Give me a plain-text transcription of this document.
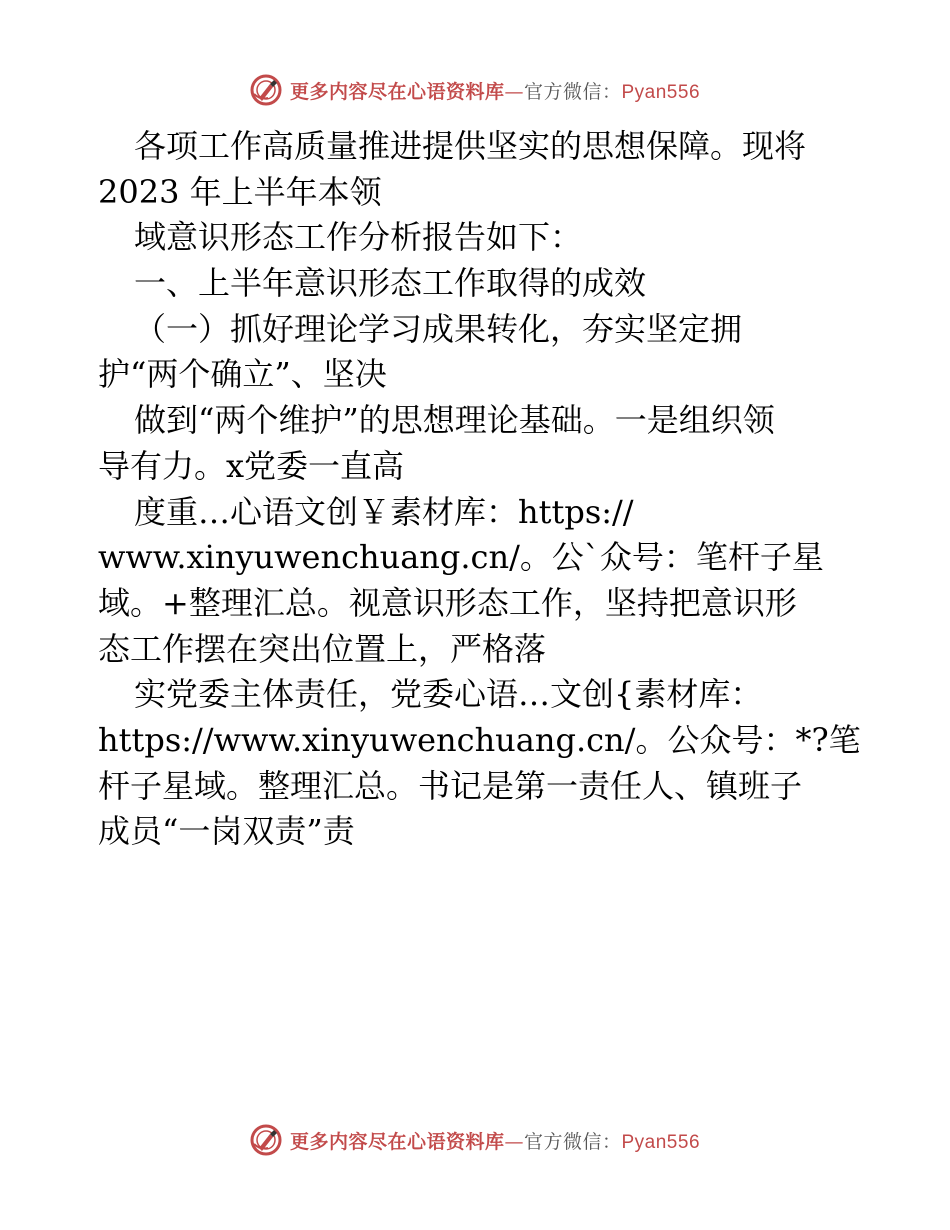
更多内容尽在心语资料库—官方微信：Pyan556
各项工作高质量推进提供坚实的思想保障。现将
2023 年上半年本领
域意识形态工作分析报告如下：
一、上半年意识形态工作取得的成效
（一）抓好理论学习成果转化，夯实坚定拥
护“两个确立”、坚决
做到“两个维护”的思想理论基础。一是组织领
导有力。x党委一直高
度重…心语文创￥素材库：https://
www.xinyuwenchuang.cn/。公`众号：笔杆子星
域。+整理汇总。视意识形态工作，坚持把意识形
态工作摆在突出位置上，严格落
实党委主体责任，党委心语…文创{素材库：
https://www.xinyuwenchuang.cn/。公众号：*?笔
杆子星域。整理汇总。书记是第一责任人、镇班子
成员“一岗双责”责
更多内容尽在心语资料库—官方微信：Pyan556
